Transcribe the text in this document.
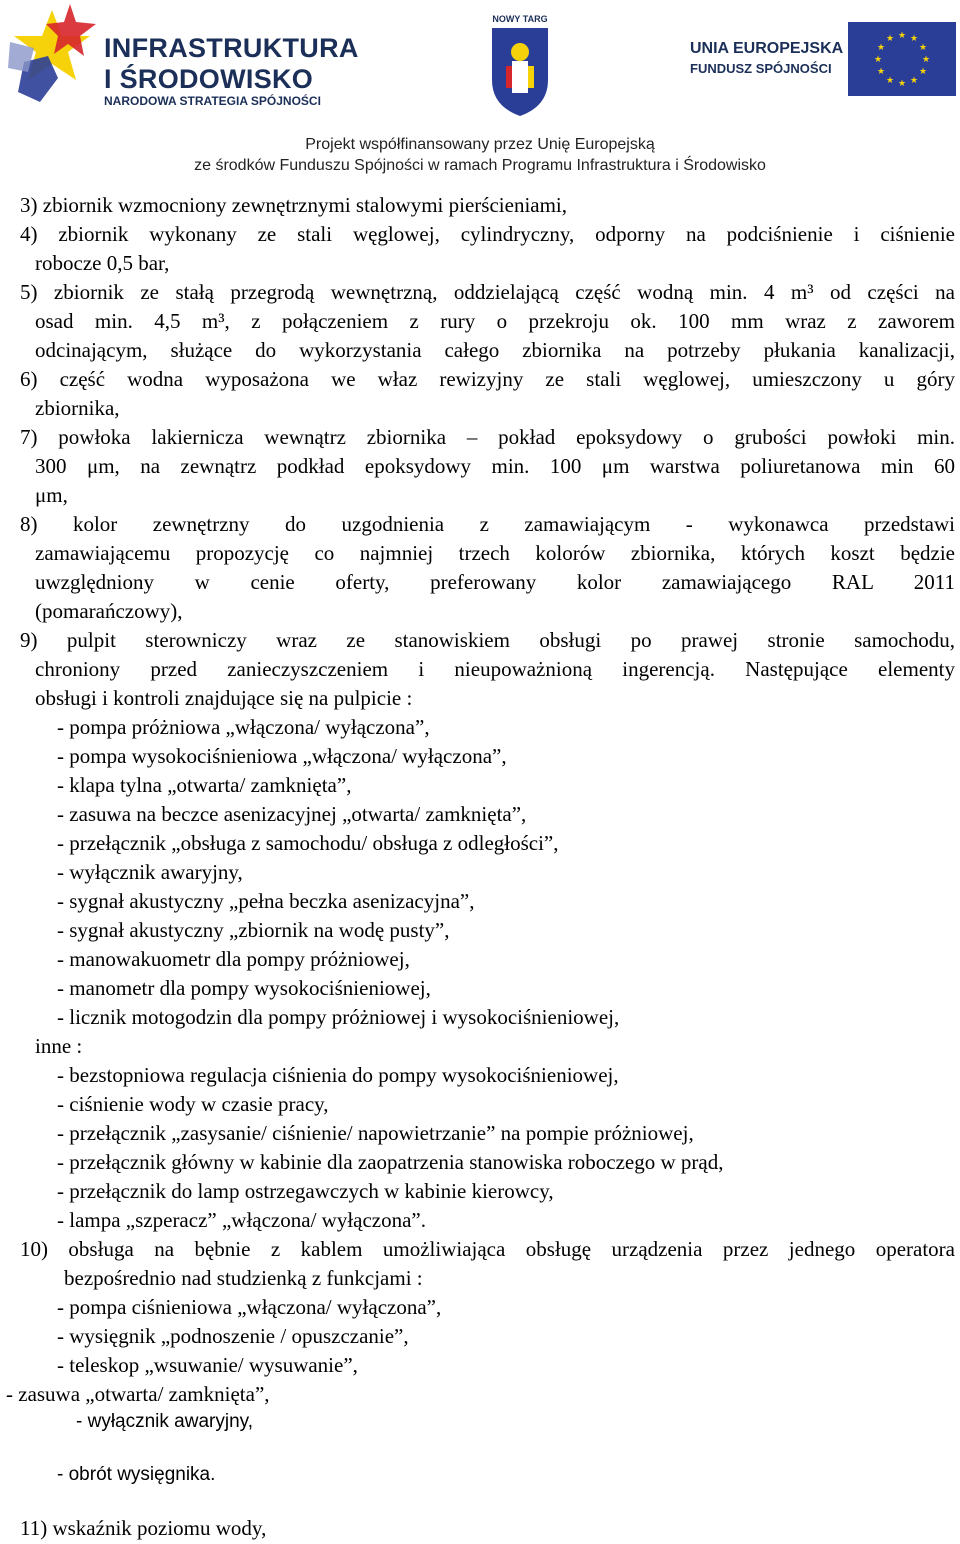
INFRASTRUKTURA
I ŚRODOWISKO
NARODOWA STRATEGIA SPÓJNOŚCI
NOWY TARG
UNIA EUROPEJSKA
FUNDUSZ SPÓJNOŚCI
★ ★
★
★
★
★
★
★
★
★
★
★
Projekt współfinansowany przez Unię Europejską
ze środków Funduszu Spójności w ramach Programu Infrastruktura i Środowisko
3) zbiornik wzmocniony zewnętrznymi stalowymi pierścieniami,
4) zbiornik wykonany ze stali węglowej, cylindryczny, odporny na podciśnienie i ciśnienie
robocze 0,5 bar,
5) zbiornik ze stałą przegrodą wewnętrzną, oddzielającą część wodną min. 4 m³ od części na
osad min. 4,5 m³, z połączeniem z rury o przekroju ok. 100 mm wraz z zaworem
odcinającym, służące do wykorzystania całego zbiornika na potrzeby płukania kanalizacji,
6) część wodna wyposażona we właz rewizyjny ze stali węglowej, umieszczony u góry
zbiornika,
7) powłoka lakiernicza wewnątrz zbiornika – pokład epoksydowy o grubości powłoki min.
300 μm, na zewnątrz podkład epoksydowy min. 100 μm warstwa poliuretanowa min 60
μm,
8) kolor zewnętrzny do uzgodnienia z zamawiającym - wykonawca przedstawi
zamawiającemu propozycję co najmniej trzech kolorów zbiornika, których koszt będzie
uwzględniony w cenie oferty, preferowany kolor zamawiającego RAL 2011
(pomarańczowy),
9) pulpit sterowniczy wraz ze stanowiskiem obsługi po prawej stronie samochodu,
chroniony przed zanieczyszczeniem i nieupoważnioną ingerencją. Następujące elementy
obsługi i kontroli znajdujące się na pulpicie :
- pompa próżniowa „włączona/ wyłączona”,
- pompa wysokociśnieniowa „włączona/ wyłączona”,
- klapa tylna „otwarta/ zamknięta”,
- zasuwa na beczce asenizacyjnej „otwarta/ zamknięta”,
- przełącznik „obsługa z samochodu/ obsługa z odległości”,
- wyłącznik awaryjny,
- sygnał akustyczny „pełna beczka asenizacyjna”,
- sygnał akustyczny „zbiornik na wodę pusty”,
- manowakuometr dla pompy próżniowej,
- manometr dla pompy wysokociśnieniowej,
- licznik motogodzin dla pompy próżniowej i wysokociśnieniowej,
inne :
- bezstopniowa regulacja ciśnienia do pompy wysokociśnieniowej,
- ciśnienie wody w czasie pracy,
- przełącznik „zasysanie/ ciśnienie/ napowietrzanie” na pompie próżniowej,
- przełącznik główny w kabinie dla zaopatrzenia stanowiska roboczego w prąd,
- przełącznik do lamp ostrzegawczych w kabinie kierowcy,
- lampa „szperacz” „włączona/ wyłączona”.
10) obsługa na bębnie z kablem umożliwiająca obsługę urządzenia przez jednego operatora
bezpośrednio nad studzienką z funkcjami :
- pompa ciśnieniowa „włączona/ wyłączona”,
- wysięgnik „podnoszenie / opuszczanie”,
- teleskop „wsuwanie/ wysuwanie”,
- zasuwa „otwarta/ zamknięta”,
- wyłącznik awaryjny,
- obrót wysięgnika.
11) wskaźnik poziomu wody,
